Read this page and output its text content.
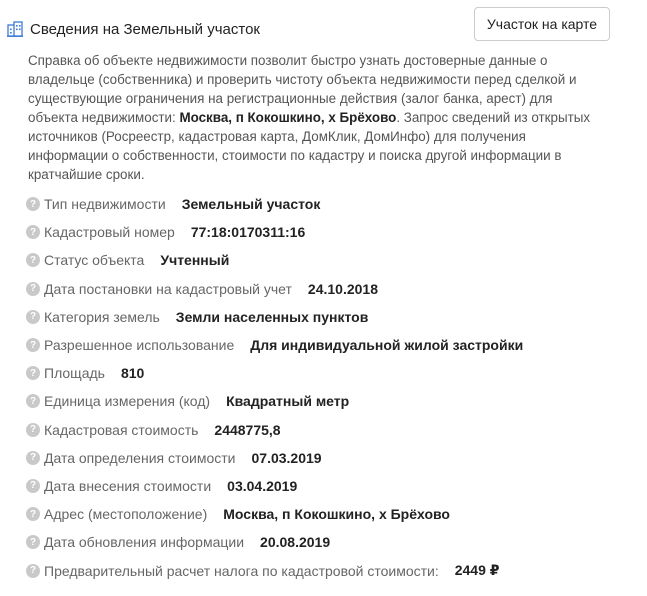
Сведения на Земельный участок	Участок на карте
Справка об объекте недвижимости позволит быстро узнать достоверные данные о владельце (собственника) и проверить чистоту объекта недвижимости перед сделкой и существующие ограничения на регистрационные действия (залог банка, арест) для объекта недвижимости: Москва, п Кокошкино, х Брёхово. Запрос сведений из открытых источников (Росреестр, кадастровая карта, ДомКлик, ДомИнфо) для получения информации о собственности, стоимости по кадастру и поиска другой информации в кратчайшие сроки.
? Тип недвижимости Земельный участок
? Кадастровый номер 77:18:0170311:16
? Статус объекта Учтенный
? Дата постановки на кадастровый учет 24.10.2018
? Категория земель Земли населенных пунктов
? Разрешенное использование Для индивидуальной жилой застройки
? Площадь 810
? Единица измерения (код) Квадратный метр
? Кадастровая стоимость 2448775,8
? Дата определения стоимости 07.03.2019
? Дата внесения стоимости 03.04.2019
? Адрес (местоположение) Москва, п Кокошкино, х Брёхово
? Дата обновления информации 20.08.2019
? Предварительный расчет налога по кадастровой стоимости: 2449 ₽
